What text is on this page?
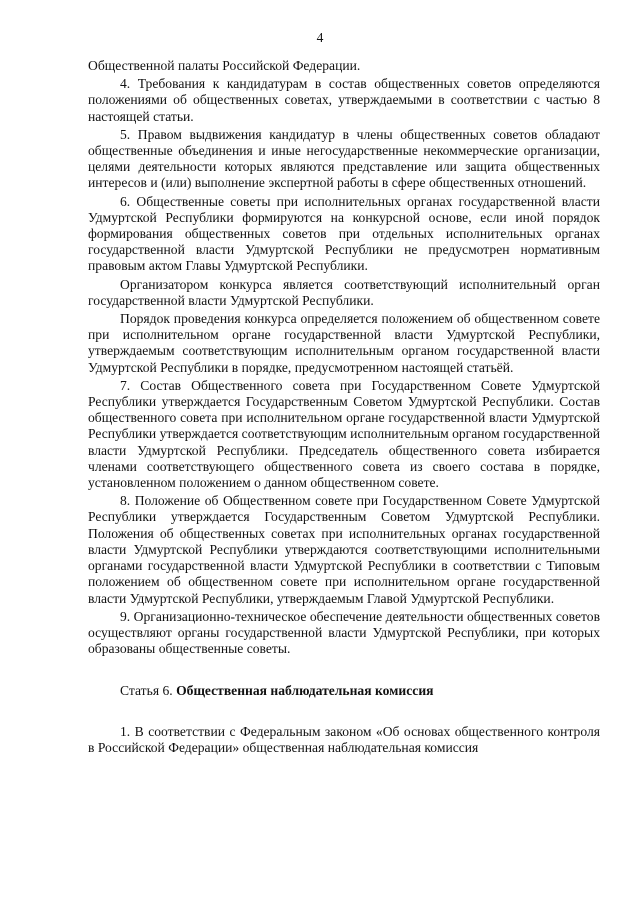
4

Общественной палаты Российской Федерации.

4. Требования к кандидатурам в состав общественных советов определяются положениями об общественных советах, утверждаемыми в соответствии с частью 8 настоящей статьи.

5. Правом выдвижения кандидатур в члены общественных советов обладают общественные объединения и иные негосударственные некоммерческие организации, целями деятельности которых являются представление или защита общественных интересов и (или) выполнение экспертной работы в сфере общественных отношений.

6. Общественные советы при исполнительных органах государственной власти Удмуртской Республики формируются на конкурсной основе, если иной порядок формирования общественных советов при отдельных исполнительных органах государственной власти Удмуртской Республики не предусмотрен нормативным правовым актом Главы Удмуртской Республики.

Организатором конкурса является соответствующий исполнительный орган государственной власти Удмуртской Республики.

Порядок проведения конкурса определяется положением об общественном совете при исполнительном органе государственной власти Удмуртской Республики, утверждаемым соответствующим исполнительным органом государственной власти Удмуртской Республики в порядке, предусмотренном настоящей статьёй.

7. Состав Общественного совета при Государственном Совете Удмуртской Республики утверждается Государственным Советом Удмуртской Республики. Состав общественного совета при исполнительном органе государственной власти Удмуртской Республики утверждается соответствующим исполнительным органом государственной власти Удмуртской Республики. Председатель общественного совета избирается членами соответствующего общественного совета из своего состава в порядке, установленном положением о данном общественном совете.

8. Положение об Общественном совете при Государственном Совете Удмуртской Республики утверждается Государственным Советом Удмуртской Республики. Положения об общественных советах при исполнительных органах государственной власти Удмуртской Республики утверждаются соответствующими исполнительными органами государственной власти Удмуртской Республики в соответствии с Типовым положением об общественном совете при исполнительном органе государственной власти Удмуртской Республики, утверждаемым Главой Удмуртской Республики.

9. Организационно-техническое обеспечение деятельности общественных советов осуществляют органы государственной власти Удмуртской Республики, при которых образованы общественные советы.

Статья 6. Общественная наблюдательная комиссия

1. В соответствии с Федеральным законом «Об основах общественного контроля в Российской Федерации» общественная наблюдательная комиссия
